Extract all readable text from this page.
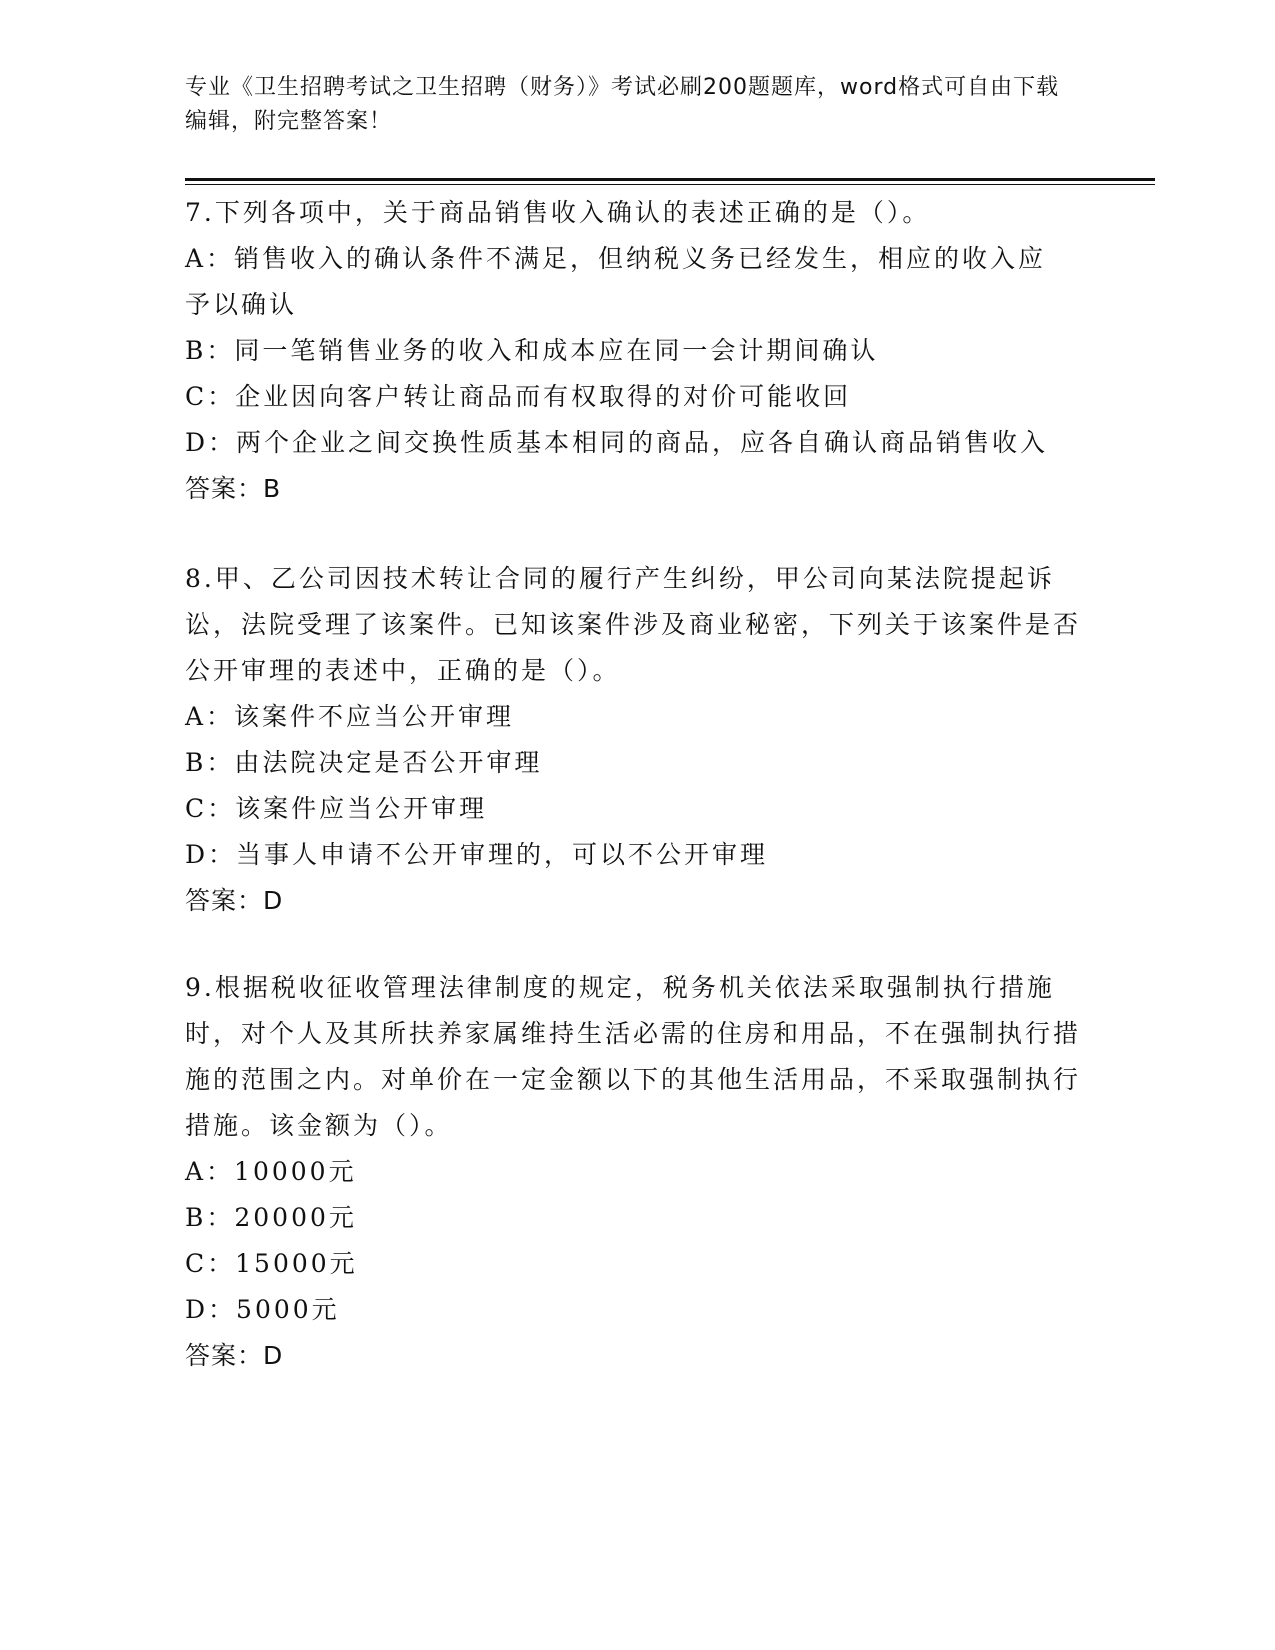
专业《卫生招聘考试之卫生招聘（财务）》考试必刷200题题库，word格式可自由下载编辑，附完整答案！
7.下列各项中，关于商品销售收入确认的表述正确的是（）。
A：销售收入的确认条件不满足，但纳税义务已经发生，相应的收入应
予以确认
B：同一笔销售业务的收入和成本应在同一会计期间确认
C：企业因向客户转让商品而有权取得的对价可能收回
D：两个企业之间交换性质基本相同的商品，应各自确认商品销售收入
答案：B
8.甲、乙公司因技术转让合同的履行产生纠纷，甲公司向某法院提起诉讼，法院受理了该案件。已知该案件涉及商业秘密，下列关于该案件是否公开审理的表述中，正确的是（）。
A：该案件不应当公开审理
B：由法院决定是否公开审理
C：该案件应当公开审理
D：当事人申请不公开审理的，可以不公开审理
答案：D
9.根据税收征收管理法律制度的规定，税务机关依法采取强制执行措施时，对个人及其所扶养家属维持生活必需的住房和用品，不在强制执行措施的范围之内。对单价在一定金额以下的其他生活用品，不采取强制执行措施。该金额为（）。
A：10000元
B：20000元
C：15000元
D：5000元
答案：D
